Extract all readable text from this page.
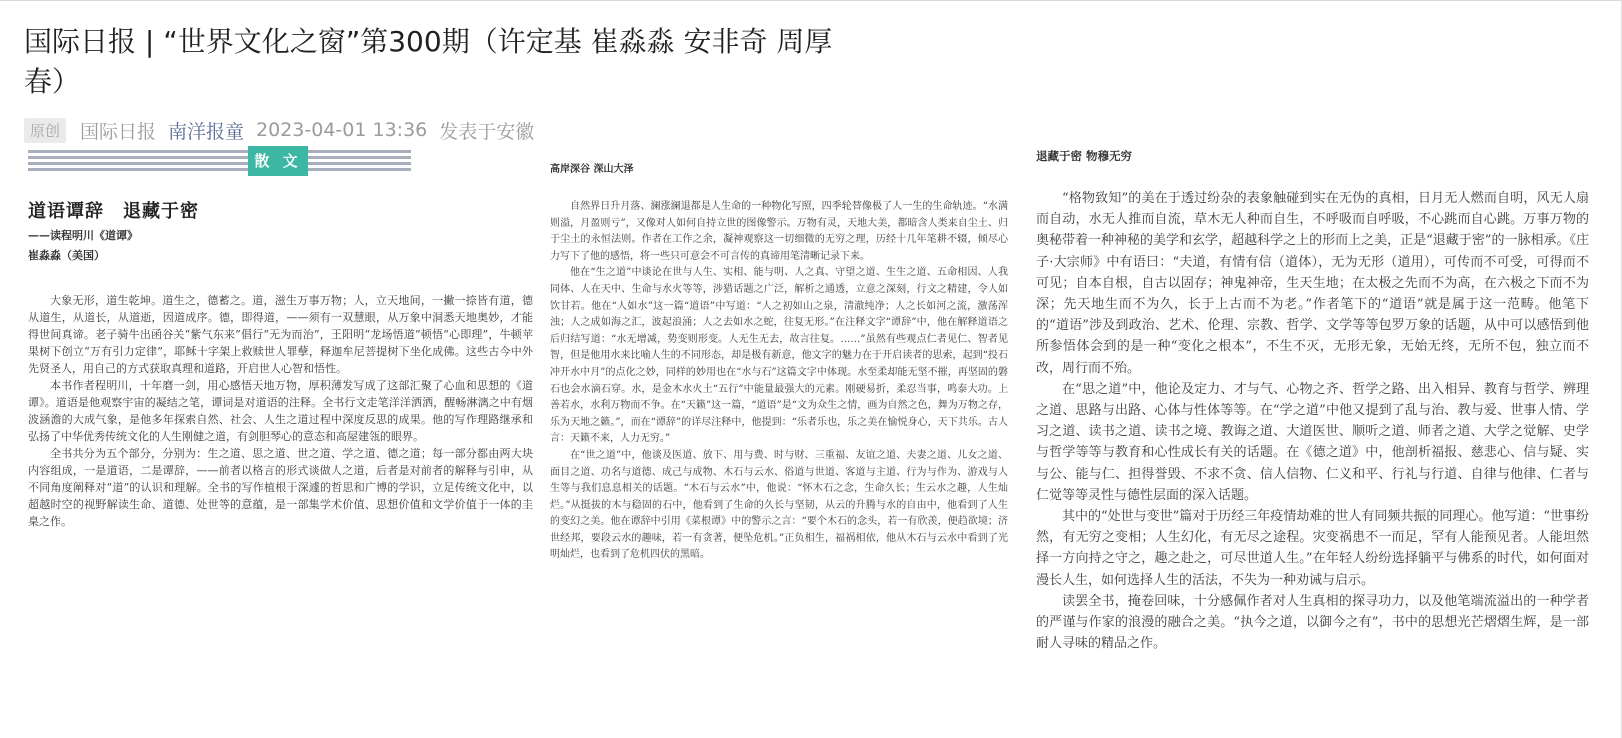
国际日报 | “世界文化之窗”第300期（许定基 崔淼淼 安非奇 周厚春）
原创	国际日报 南洋报童 2023-04-01 13:36 发表于安徽
散 文

道语谭辞　退藏于密

——读程明川《道谭》

崔淼淼（美国）

大象无形，道生乾坤。道生之，德蓄之。道，滋生万事万物；人，立天地间，一撇一捺皆有道，德从道生，从道长，从道逝，因道成序。德，即得道，——须有一双慧眼，从万象中洞悉天地奥妙，才能得世间真谛。老子骑牛出函谷关“紫气东来”倡行“无为而治”，王阳明“龙场悟道”顿悟“心即理”，牛顿苹果树下创立“万有引力定律”，耶稣十字架上救赎世人罪孽，释迦牟尼菩提树下坐化成佛。这些古今中外先贤圣人，用自己的方式获取真理和道路，开启世人心智和悟性。

本书作者程明川，十年磨一剑，用心感悟天地万物，厚积薄发写成了这部汇聚了心血和思想的《道谭》。道语是他观察宇宙的凝结之笔，谭词是对道语的注释。全书行文走笔洋洋洒洒，醒畅淋漓之中有烟波涵澹的大成气象，是他多年探索自然、社会、人生之道过程中深度反思的成果。他的写作理路继承和弘扬了中华优秀传统文化的人生刚健之道，有剑胆琴心的意态和高屋建瓴的眼界。

全书共分为五个部分，分别为：生之道、思之道、世之道、学之道、德之道；每一部分都由两大块内容组成，一是道语，二是谭辞，——前者以格言的形式谈做人之道，后者是对前者的解释与引申，从不同角度阐释对“道”的认识和理解。全书的写作植根于深遽的哲思和广博的学识，立足传统文化中，以超越时空的视野解读生命、道德、处世等的意蕴，是一部集学术价值、思想价值和文学价值于一体的圭臬之作。

高岸深谷 深山大泽

自然界日升月落、澜涨澜退都是人生命的一种物化写照，四季轮替像极了人一生的生命轨迹。“水满则溢，月盈则亏”，又像对人如何自持立世的图像警示。万物有灵，天地大美，都暗含人类来自尘土、归于尘土的永恒法则。作者在工作之余，凝神观察这一切细微的无穷之理，历经十几年笔耕不辍，倾尽心力写下了他的感悟，将一些只可意会不可言传的真谛用笔清晰记录下来。

他在“生之道”中谈论在世与人生、实相、能与明、人之真、守望之道、生生之道、五命相因、人我同体、人在天中、生命与水火等等，涉猎话题之广泛，解析之通透，立意之深刻，行文之精建，令人如饮甘若。他在“人如水”这一篇“道语”中写道：“人之初如山之泉，清澈纯净；人之长如河之流，激荡浑浊；人之成如海之汇，波起浪涌；人之去如水之蛇，往复无形。”在注释文字“谭辞”中，他在解释道语之后归结写道：“水无增减，势变则形变。人无生无去，故言往复。……”虽然有些观点仁者见仁、智者见智，但是他用水来比喻人生的不同形态，却是极有新意，他文字的魅力在于开启读者的思索，起到“投石冲开水中月”的点化之妙，同样的妙用也在“水与石”这篇文字中体现。水至柔却能无坚不摧，再坚固的磐石也会水滴石穿。水，是金木水火土“五行”中能量最强大的元素。刚硬易折，柔忍当事，鸣泰大功。上善若水，水利万物而不争。在“天籁”这一篇，“道语”是“文为众生之情，画为自然之色，舞为万物之存，乐为天地之籁。”，而在“谭辞”的详尽注释中，他提到：“乐者乐也，乐之美在愉悦身心，天下共乐。古人言：天籁不来，人力无穷。”

在“世之道”中，他谈及医道、放下、用与费、时与财、三重福、友谊之道、夫妻之道、儿女之道、面目之道、功名与道德、成己与成物、木石与云水、俗道与世道、客道与主道、行为与作为、游戏与人生等与我们息息相关的话题。“木石与云水”中，他说：“怀木石之念，生命久长；生云水之趣，人生灿烂。”从挺拔的木与稳固的石中，他看到了生命的久长与坚韧，从云的升腾与水的自由中，他看到了人生的变幻之美。他在谭辞中引用《菜根谭》中的警示之言：“要个木石的念头，若一有欣羡，便趋欲境；济世经邦，要段云水的趣味，若一有贪著，便坠危机。”正负相生，福祸相依，他从木石与云水中看到了光明灿烂，也看到了危机四伏的黑暗。

退藏于密 物穆无穷

“格物致知”的美在于透过纷杂的表象触碰到实在无伪的真相，日月无人燃而自明，风无人扇而自动，水无人推而自流，草木无人种而自生，不呼吸而自呼吸，不心跳而自心跳。万事万物的奥秘带着一种神秘的美学和玄学，超越科学之上的形而上之美，正是“退藏于密”的一脉相承。《庄子·大宗师》中有语曰：“夫道，有情有信（道体），无为无形（道用），可传而不可受，可得而不可见；自本自根，自古以固存；神鬼神帝，生天生地；在太极之先而不为高，在六极之下而不为深；先天地生而不为久，长于上古而不为老。”作者笔下的“道语”就是属于这一范畴。他笔下的“道语”涉及到政治、艺术、伦理、宗教、哲学、文学等等包罗万象的话题，从中可以感悟到他所参悟体会到的是一种“变化之根本”，不生不灭，无形无象，无始无终，无所不包，独立而不改，周行而不殆。

在“思之道”中，他论及定力、才与气、心物之齐、哲学之路、出入相异、教育与哲学、辨理之道、思路与出路、心体与性体等等。在“学之道”中他又提到了乱与治、教与爱、世事人情、学习之道、读书之道、读书之境、教诲之道、大道医世、顺听之道、师者之道、大学之觉解、史学与哲学等等与教育和心性成长有关的话题。在《德之道》中，他剖析福报、慈悲心、信与疑、实与公、能与仁、担得誉毁、不求不贪、信人信物、仁义和平、行礼与行道、自律与他律、仁者与仁觉等等灵性与德性层面的深入话题。

其中的“处世与变世”篇对于历经三年疫情劫难的世人有同频共振的同理心。他写道：“世事纷然，有无穷之变相；人生幻化，有无尽之途程。灾变祸患不一而足，罕有人能预见者。人能坦然择一方向持之守之，趣之赴之，可尽世道人生。”在年轻人纷纷选择躺平与佛系的时代，如何面对漫长人生，如何选择人生的活法，不失为一种劝诫与启示。

读罢全书，掩卷回味，十分感佩作者对人生真相的探寻功力，以及他笔端流溢出的一种学者的严谨与作家的浪漫的融合之美。“执今之道，以御今之有”，书中的思想光芒熠熠生辉，是一部耐人寻味的精品之作。
